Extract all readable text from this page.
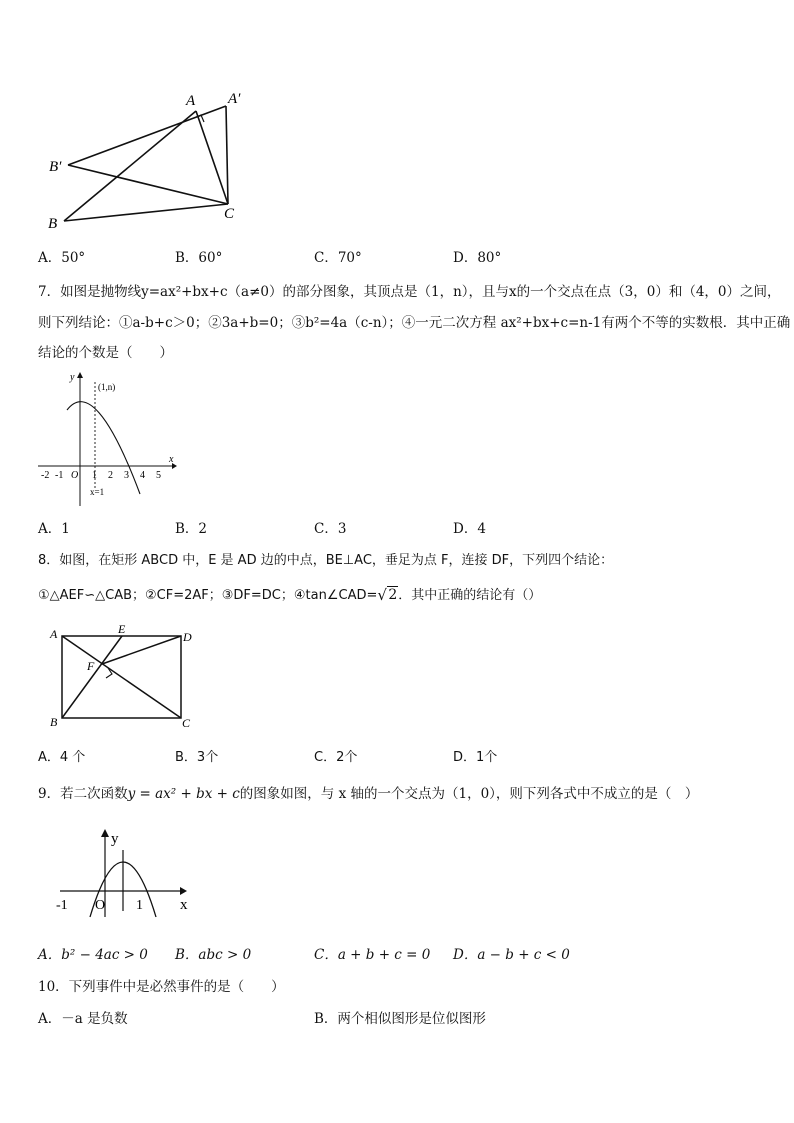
A A′
B′
B
C
A．50°	B．60°	C．70°	D．80°
7．如图是抛物线y=ax²+bx+c（a≠0）的部分图象，其顶点是（1，n），且与x的一个交点在点（3，0）和（4，0）之间，
则下列结论：①a-b+c＞0；②3a+b=0；③b²=4a（c-n）；④一元二次方程 ax²+bx+c=n-1有两个不等的实数根．其中正确
结论的个数是（　　）
y
x
(1,n)
-2 -1 O 1 2 3 4 5
x=1
A．1	B．2	C．3	D．4
8．如图，在矩形 ABCD 中，E 是 AD 边的中点，BE⊥AC，垂足为点 F，连接 DF，下列四个结论：
①△AEF∽△CAB；②CF=2AF；③DF=DC；④tan∠CAD= √ 2．其中正确的结论有（）
A	E
D
F
B	C
A．4 个	B．3个	C．2个	D．1个
9．若二次函数y = ax² + bx + c的图象如图，与 x 轴的一个交点为（1，0），则下列各式中不成立的是（　）
y
x
-1 O 1
A．b² − 4ac > 0 B．abc > 0	C．a + b + c = 0 D．a − b + c < 0
10．下列事件中是必然事件的是（　　）
A．－a 是负数	B．两个相似图形是位似图形
